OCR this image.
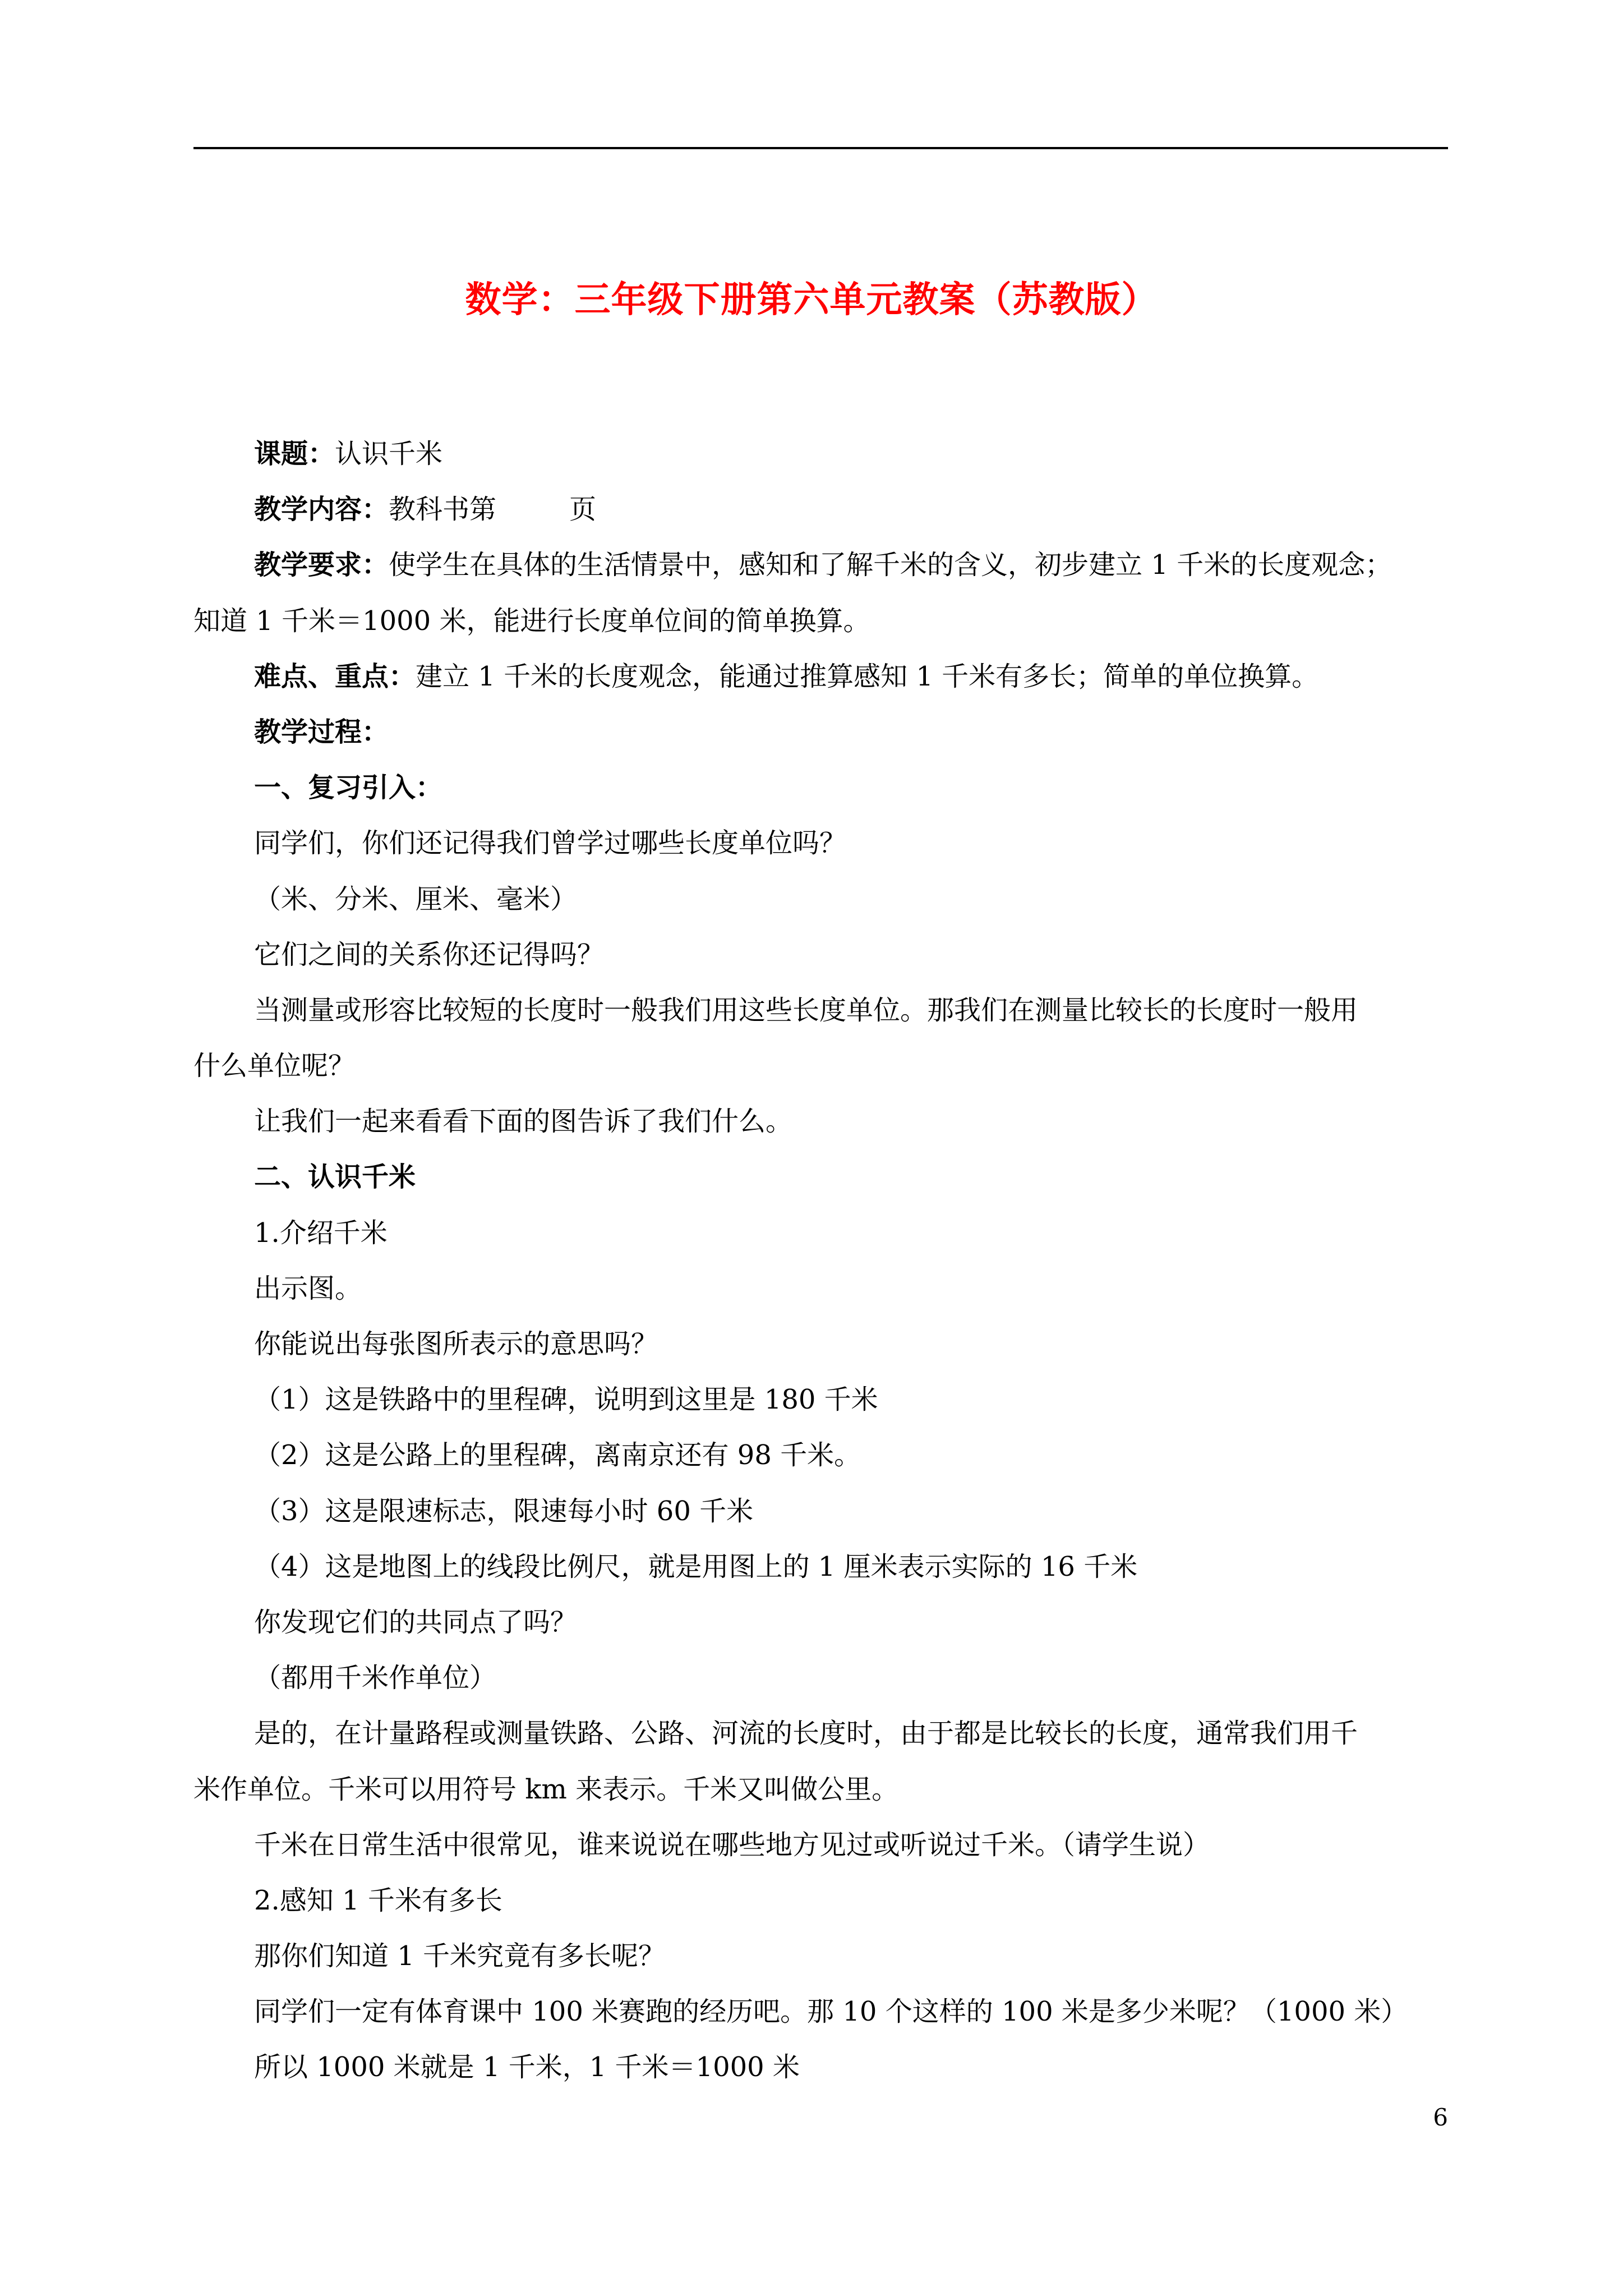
数学：三年级下册第六单元教案（苏教版）
课题：认识千米
教学内容：教科书第	页
教学要求：使学生在具体的生活情景中，感知和了解千米的含义，初步建立 1 千米的长度观念；
知道 1 千米＝1000 米，能进行长度单位间的简单换算。
难点、重点：建立 1 千米的长度观念，能通过推算感知 1 千米有多长；简单的单位换算。
教学过程：
一、复习引入：
同学们，你们还记得我们曾学过哪些长度单位吗？
（米、分米、厘米、毫米）
它们之间的关系你还记得吗？
当测量或形容比较短的长度时一般我们用这些长度单位。那我们在测量比较长的长度时一般用
什么单位呢？
让我们一起来看看下面的图告诉了我们什么。
二、认识千米
1.介绍千米
出示图。
你能说出每张图所表示的意思吗？
（1）这是铁路中的里程碑，说明到这里是 180 千米
（2）这是公路上的里程碑，离南京还有 98 千米。
（3）这是限速标志，限速每小时 60 千米
（4）这是地图上的线段比例尺，就是用图上的 1 厘米表示实际的 16 千米
你发现它们的共同点了吗？
（都用千米作单位）
是的，在计量路程或测量铁路、公路、河流的长度时，由于都是比较长的长度，通常我们用千
米作单位。千米可以用符号 km 来表示。千米又叫做公里。
千米在日常生活中很常见，谁来说说在哪些地方见过或听说过千米。（请学生说）
2.感知 1 千米有多长
那你们知道 1 千米究竟有多长呢？
同学们一定有体育课中 100 米赛跑的经历吧。那 10 个这样的 100 米是多少米呢？（1000 米）
所以 1000 米就是 1 千米，1 千米＝1000 米
6
